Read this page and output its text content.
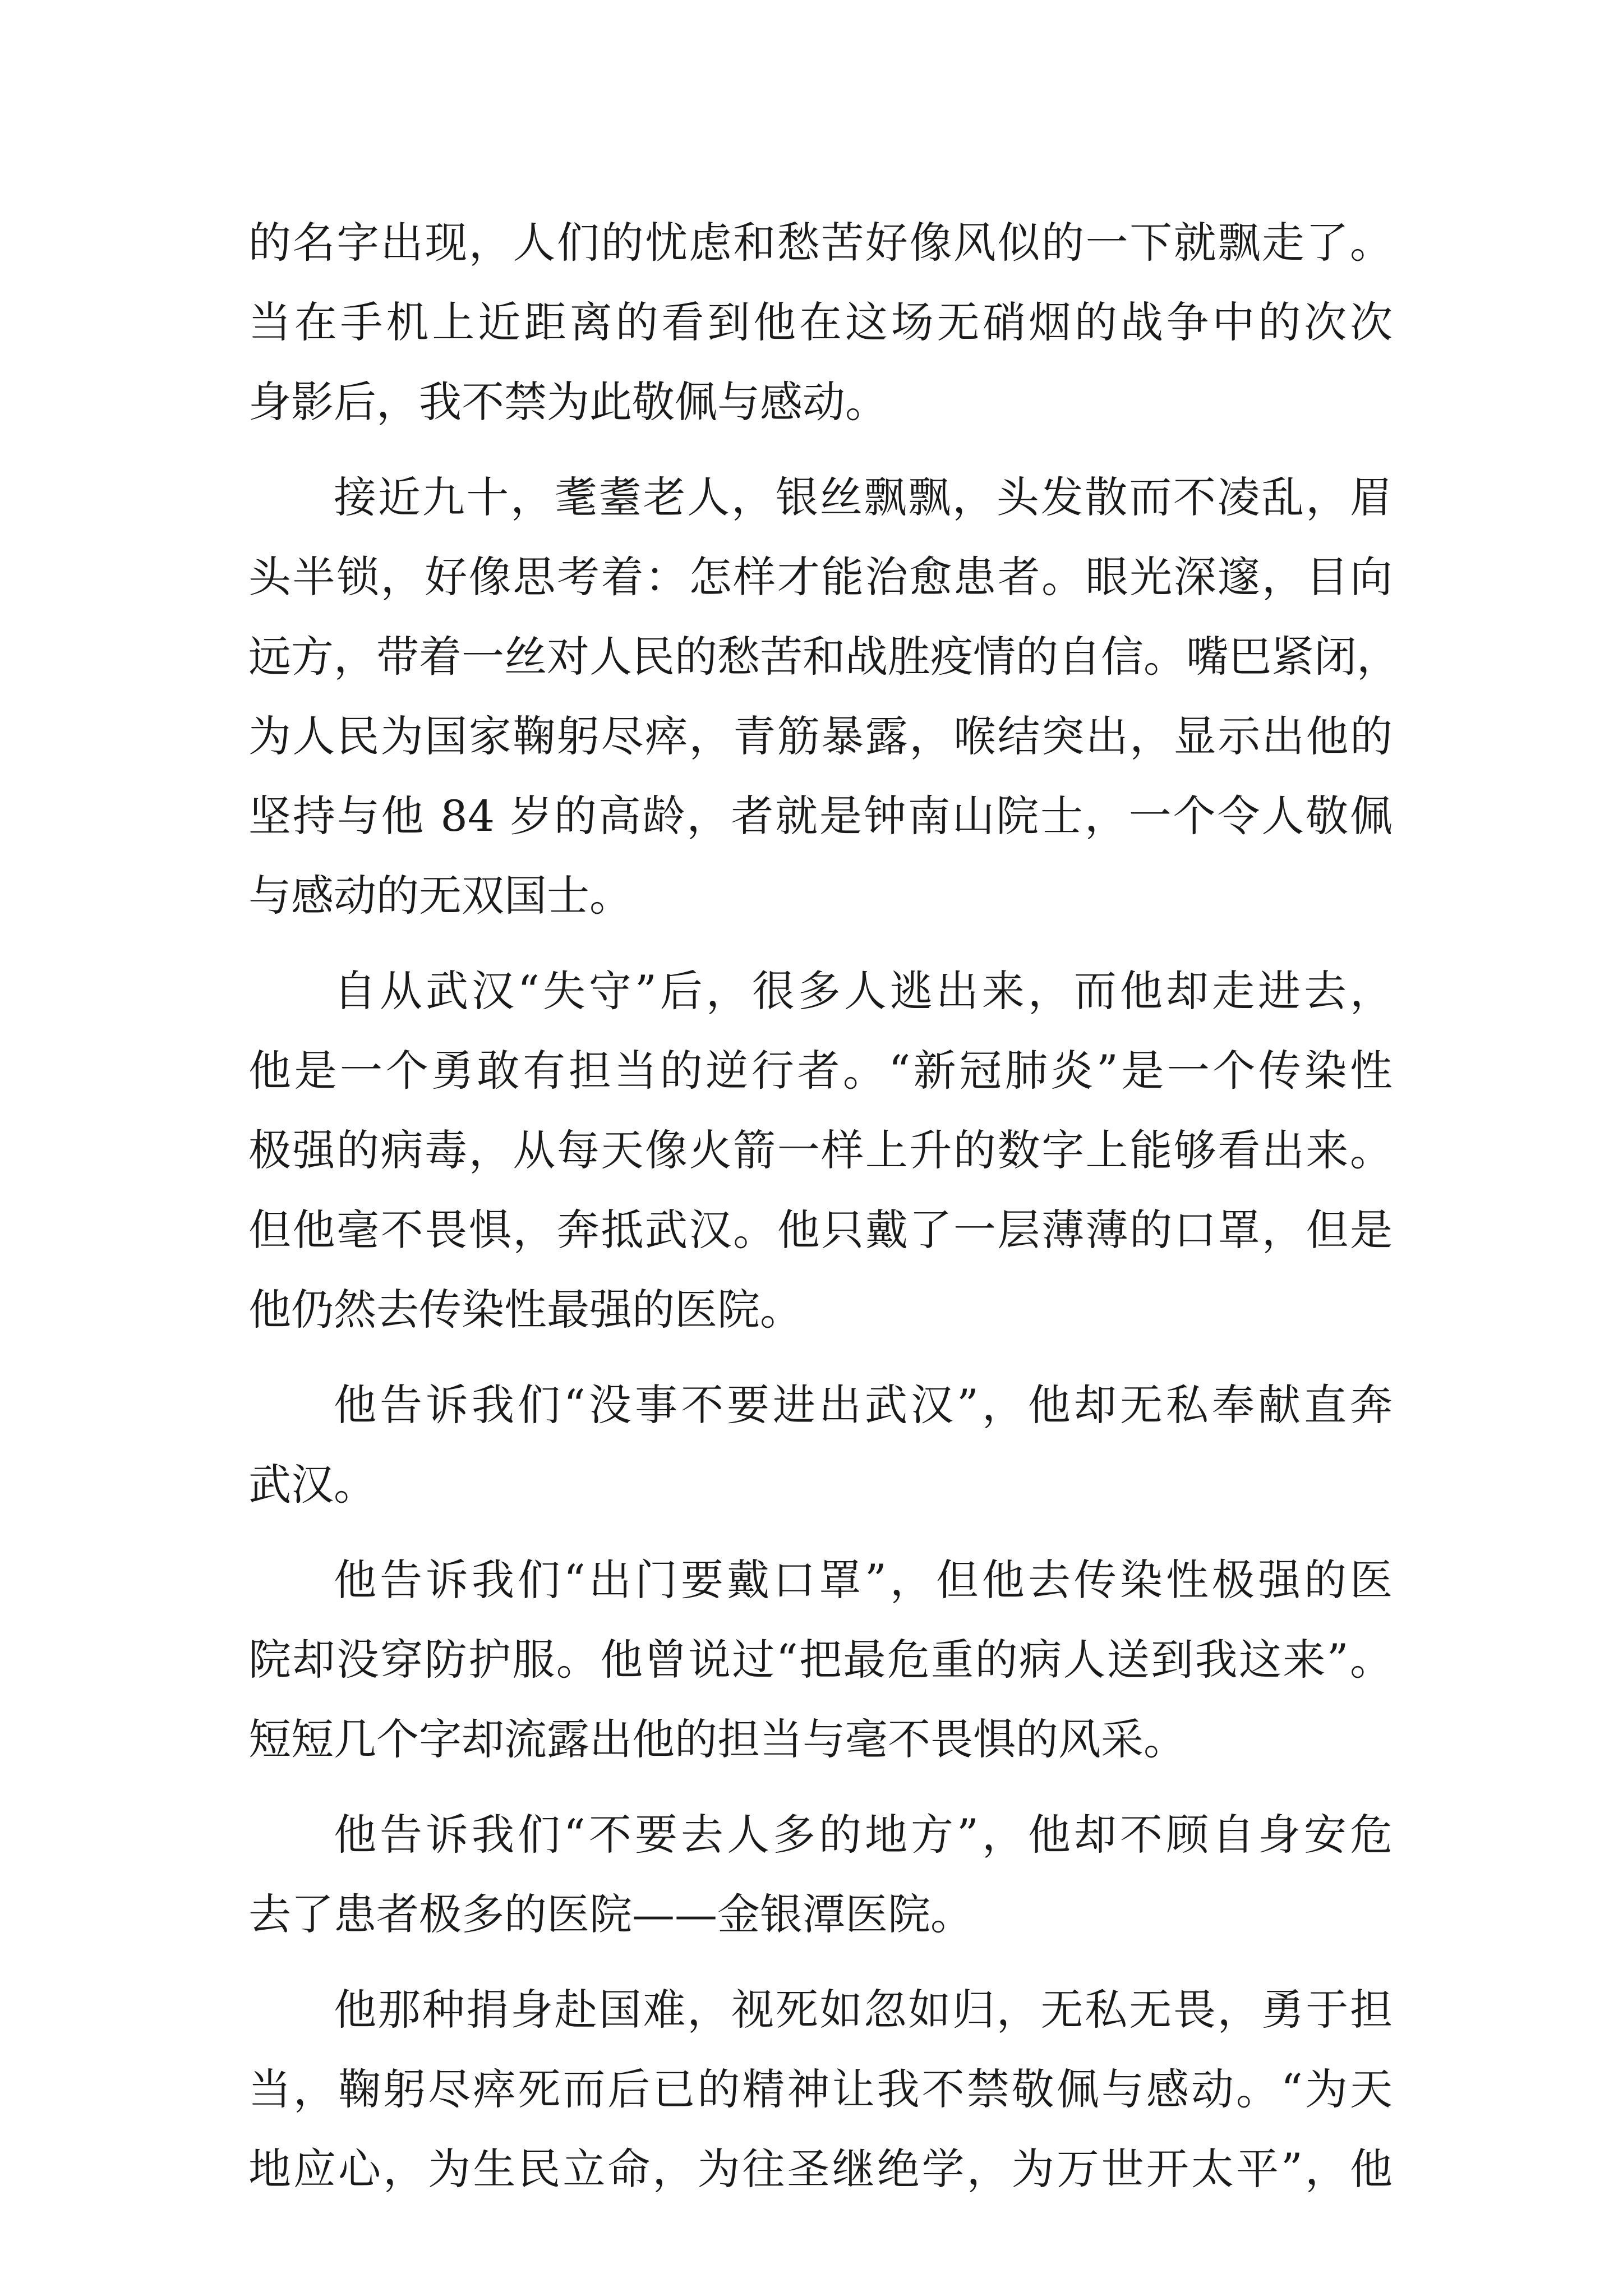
的名字出现，人们的忧虑和愁苦好像风似的一下就飘走了。
当在手机上近距离的看到他在这场无硝烟的战争中的次次
身影后，我不禁为此敬佩与感动。
接近九十，耄耋老人，银丝飘飘，头发散而不凌乱，眉
头半锁，好像思考着：怎样才能治愈患者。眼光深邃，目向
远方，带着一丝对人民的愁苦和战胜疫情的自信。嘴巴紧闭，
为人民为国家鞠躬尽瘁，青筋暴露，喉结突出，显示出他的
坚持与他 84 岁的高龄，者就是钟南山院士，一个令人敬佩
与感动的无双国士。
自从武汉“失守”后，很多人逃出来，而他却走进去，
他是一个勇敢有担当的逆行者。“新冠肺炎”是一个传染性
极强的病毒，从每天像火箭一样上升的数字上能够看出来。
但他毫不畏惧，奔抵武汉。他只戴了一层薄薄的口罩，但是
他仍然去传染性最强的医院。
他告诉我们“没事不要进出武汉”，他却无私奉献直奔
武汉。
他告诉我们“出门要戴口罩”，但他去传染性极强的医
院却没穿防护服。他曾说过“把最危重的病人送到我这来”。
短短几个字却流露出他的担当与毫不畏惧的风采。
他告诉我们“不要去人多的地方”，他却不顾自身安危
去了患者极多的医院——金银潭医院。
他那种捐身赴国难，视死如忽如归，无私无畏，勇于担
当，鞠躬尽瘁死而后已的精神让我不禁敬佩与感动。“为天
地应心，为生民立命，为往圣继绝学，为万世开太平”，他
